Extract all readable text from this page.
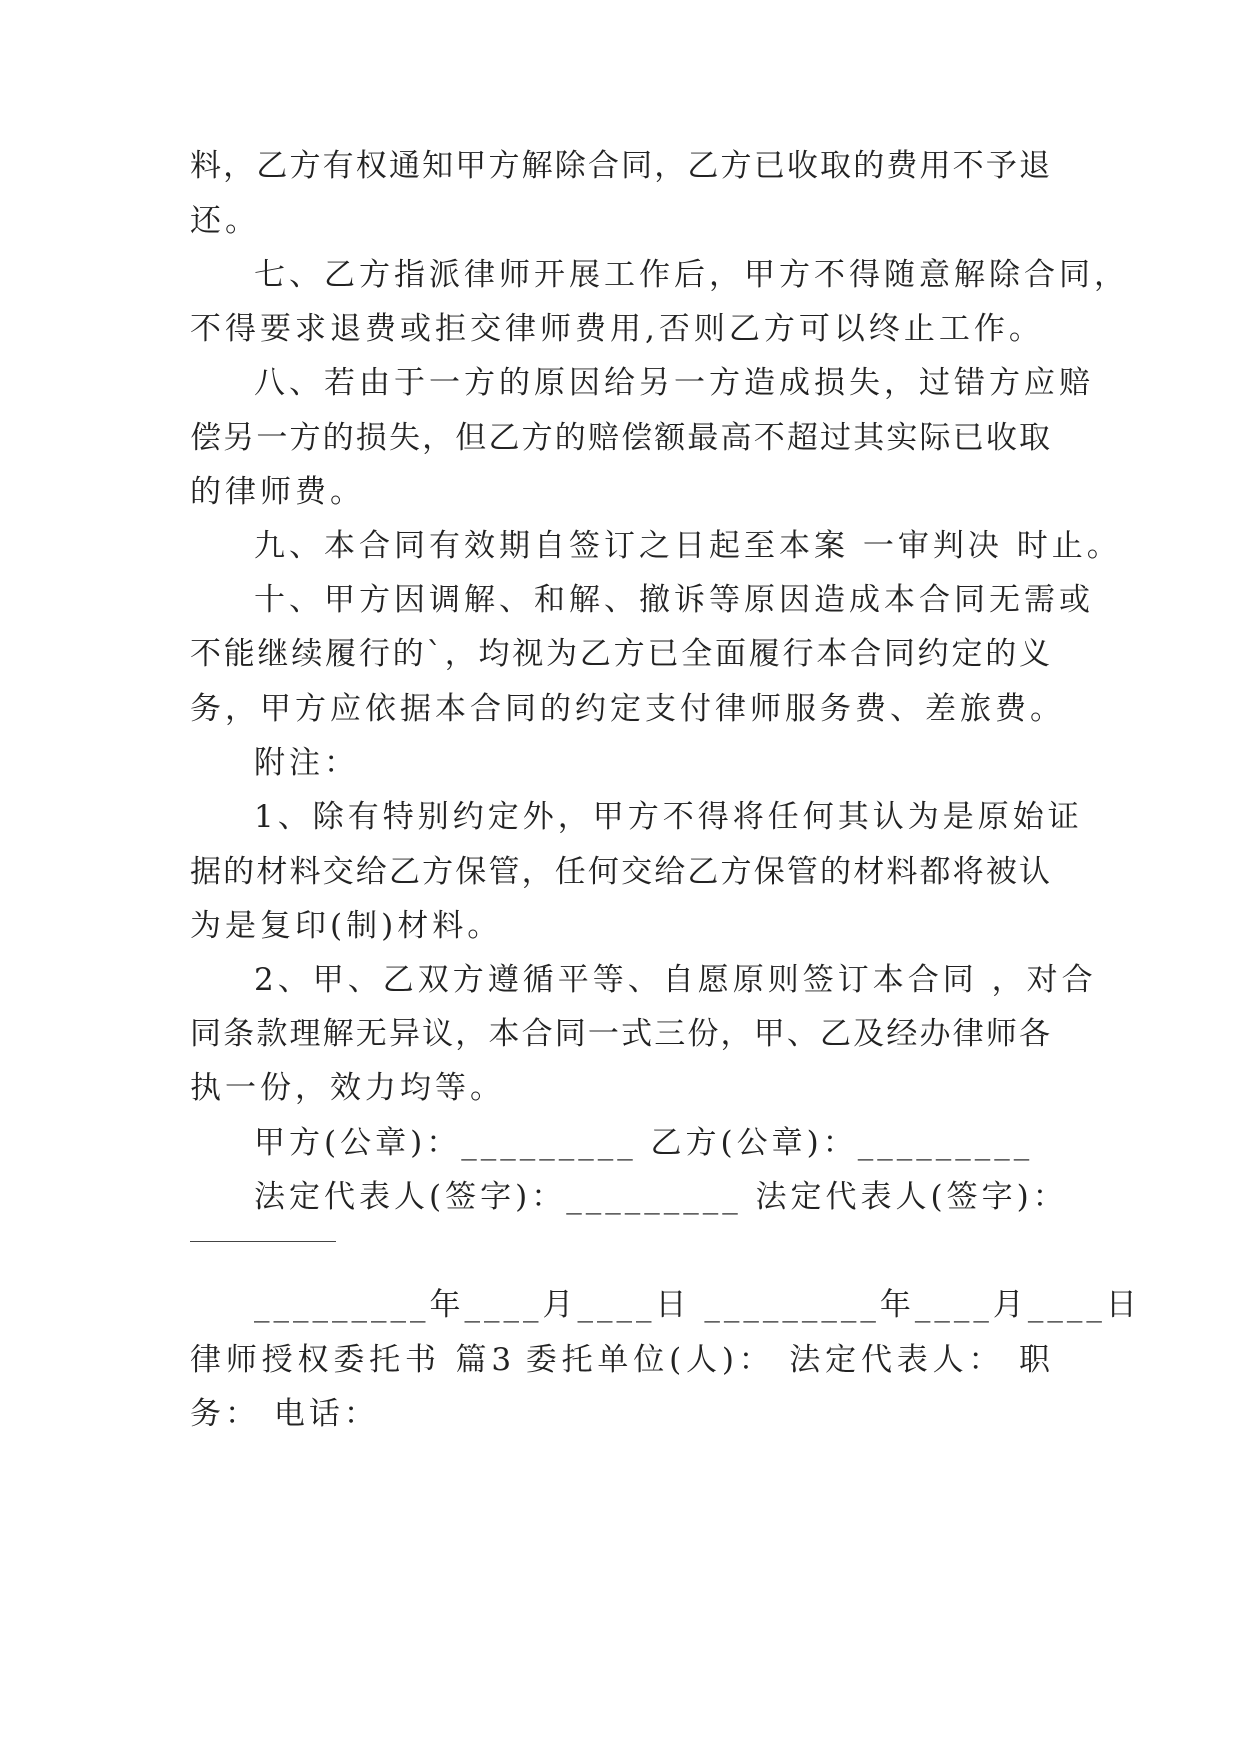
料，乙方有权通知甲方解除合同，乙方已收取的费用不予退
还。
七、乙方指派律师开展工作后，甲方不得随意解除合同，
不得要求退费或拒交律师费用,否则乙方可以终止工作。
八、若由于一方的原因给另一方造成损失，过错方应赔
偿另一方的损失，但乙方的赔偿额最高不超过其实际已收取
的律师费。
九、本合同有效期自签订之日起至本案 一审判决 时止。
十、甲方因调解、和解、撤诉等原因造成本合同无需或
不能继续履行的`，均视为乙方已全面履行本合同约定的义
务，甲方应依据本合同的约定支付律师服务费、差旅费。
附注：
1、除有特别约定外，甲方不得将任何其认为是原始证
据的材料交给乙方保管，任何交给乙方保管的材料都将被认
为是复印(制)材料。
2、甲、乙双方遵循平等、自愿原则签订本合同 ，对合
同条款理解无异议，本合同一式三份，甲、乙及经办律师各
执一份，效力均等。
甲方(公章)：_________ 乙方(公章)：_________
法定代表人(签字)：_________ 法定代表人(签字)：
_________年____月____日 _________年____月____日
律师授权委托书 篇3 委托单位(人)： 法定代表人： 职
务： 电话：
